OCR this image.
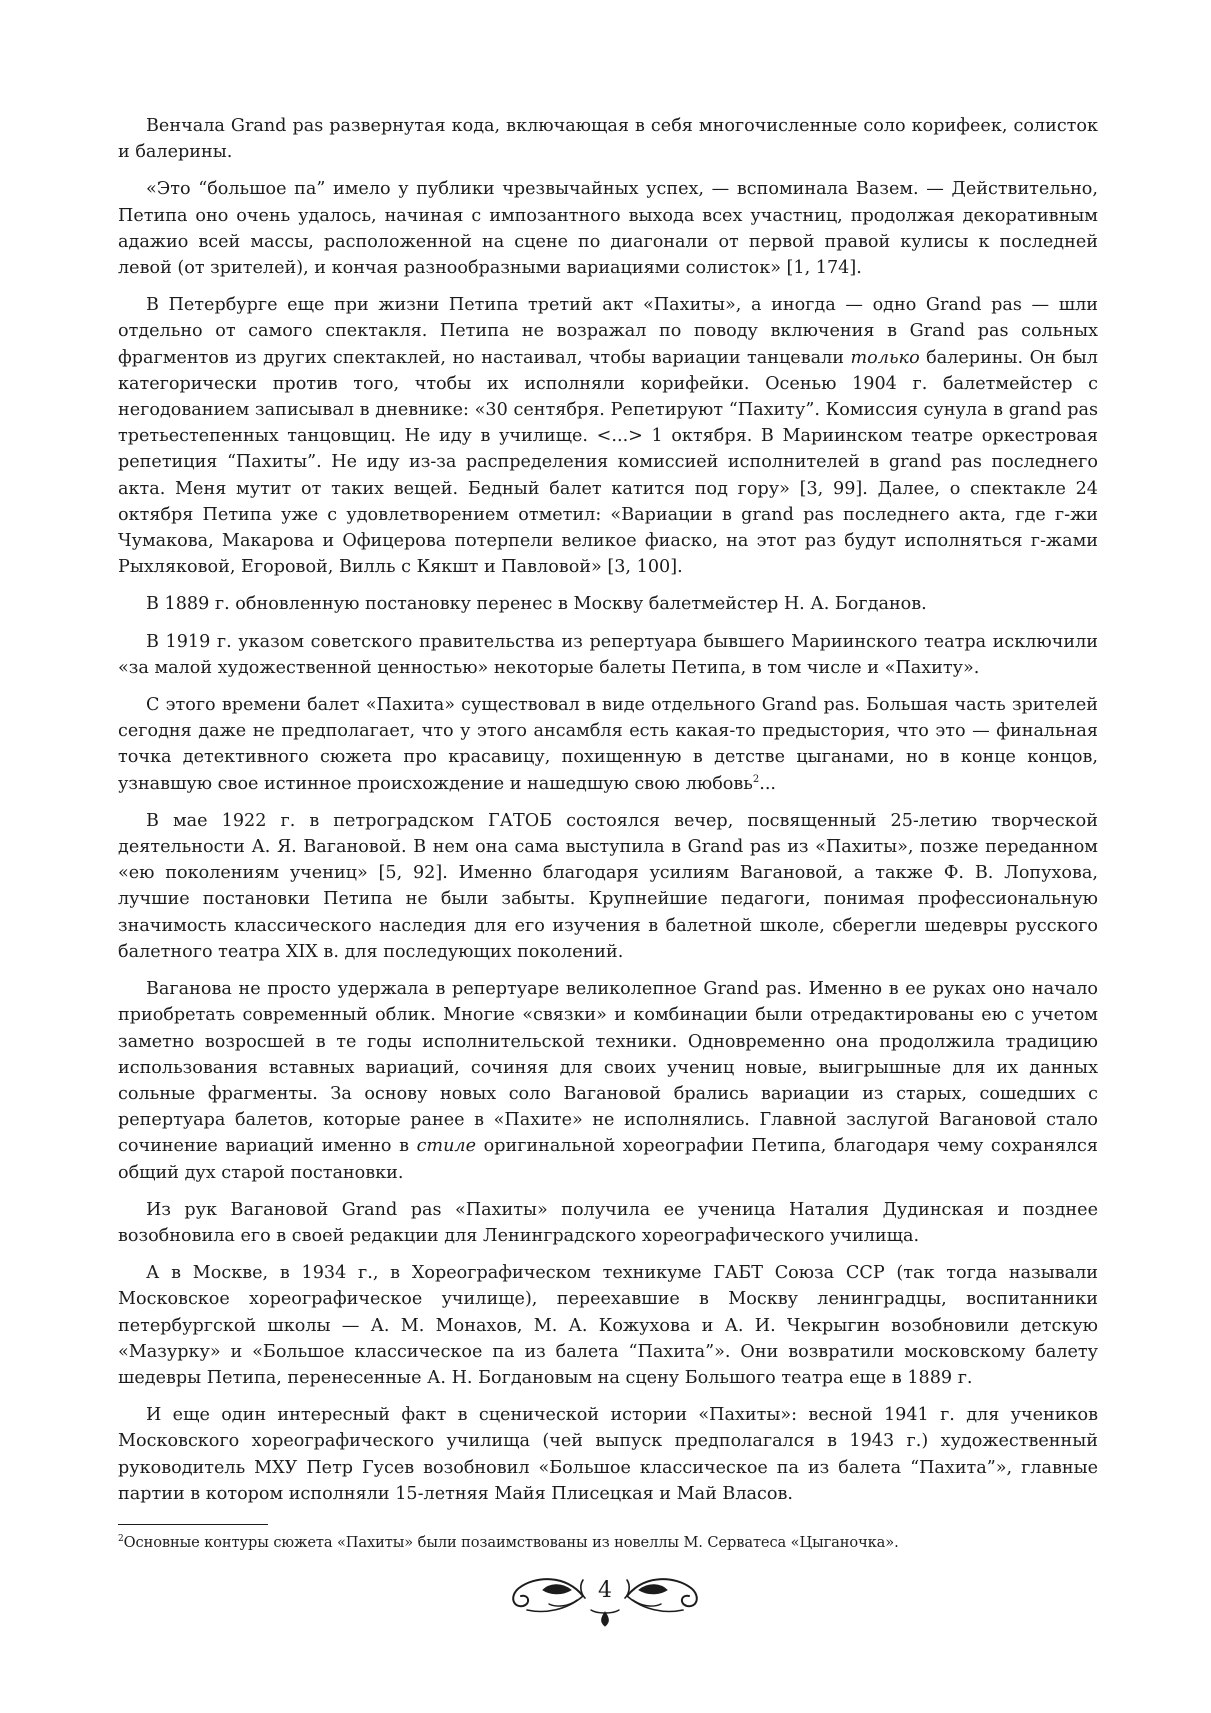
Венчала Grand pas развернутая кода, включающая в себя многочисленные соло корифеек, солисток и балерины.

«Это “большое па” имело у публики чрезвычайных успех, — вспоминала Вазем. — Действительно, Петипа оно очень удалось, начиная с импозантного выхода всех участниц, продолжая декоративным адажио всей массы, расположенной на сцене по диагонали от первой правой кулисы к последней левой (от зрителей), и кончая разнообразными вариациями солисток» [1, 174].

В Петербурге еще при жизни Петипа третий акт «Пахиты», а иногда — одно Grand pas — шли отдельно от самого спектакля. Петипа не возражал по поводу включения в Grand pas сольных фрагментов из других спектаклей, но настаивал, чтобы вариации танцевали только балерины. Он был категорически против того, чтобы их исполняли корифейки. Осенью 1904 г. балетмейстер с негодованием записывал в дневнике: «30 сентября. Репетируют “Пахиту”. Комиссия сунула в grand pas третьестепенных танцовщиц. Не иду в училище. <...> 1 октября. В Мариинском театре оркестровая репетиция “Пахиты”. Не иду из-за распределения комиссией исполнителей в grand pas последнего акта. Меня мутит от таких вещей. Бедный балет катится под гору» [3, 99]. Далее, о спектакле 24 октября Петипа уже с удовлетворением отметил: «Вариации в grand pas последнего акта, где г-жи Чумакова, Макарова и Офицерова потерпели великое фиаско, на этот раз будут исполняться г-жами Рыхляковой, Егоровой, Вилль с Кякшт и Павловой» [3, 100].

В 1889 г. обновленную постановку перенес в Москву балетмейстер Н. А. Богданов.

В 1919 г. указом советского правительства из репертуара бывшего Мариинского театра исключили «за малой художественной ценностью» некоторые балеты Петипа, в том числе и «Пахиту».

С этого времени балет «Пахита» существовал в виде отдельного Grand pas. Большая часть зрителей сегодня даже не предполагает, что у этого ансамбля есть какая-то предыстория, что это — финальная точка детективного сюжета про красавицу, похищенную в детстве цыганами, но в конце концов, узнавшую свое истинное происхождение и нашедшую свою любовь$^2$...

В мае 1922 г. в петроградском ГАТОБ состоялся вечер, посвященный 25-летию творческой деятельности А. Я. Вагановой. В нем она сама выступила в Grand pas из «Пахиты», позже переданном «ею поколениям учениц» [5, 92]. Именно благодаря усилиям Вагановой, а также Ф. В. Лопухова, лучшие постановки Петипа не были забыты. Крупнейшие педагоги, понимая профессиональную значимость классического наследия для его изучения в балетной школе, сберегли шедевры русского балетного театра XIX в. для последующих поколений.

Ваганова не просто удержала в репертуаре великолепное Grand pas. Именно в ее руках оно начало приобретать современный облик. Многие «связки» и комбинации были отредактированы ею с учетом заметно возросшей в те годы исполнительской техники. Одновременно она продолжила традицию использования вставных вариаций, сочиняя для своих учениц новые, выигрышные для их данных сольные фрагменты. За основу новых соло Вагановой брались вариации из старых, сошедших с репертуара балетов, которые ранее в «Пахите» не исполнялись. Главной заслугой Вагановой стало сочинение вариаций именно в стиле оригинальной хореографии Петипа, благодаря чему сохранялся общий дух старой постановки.

Из рук Вагановой Grand pas «Пахиты» получила ее ученица Наталия Дудинская и позднее возобновила его в своей редакции для Ленинградского хореографического училища.

А в Москве, в 1934 г., в Хореографическом техникуме ГАБТ Союза ССР (так тогда называли Московское хореографическое училище), переехавшие в Москву ленинградцы, воспитанники петербургской школы — А. М. Монахов, М. А. Кожухова и А. И. Чекрыгин возобновили детскую «Мазурку» и «Большое классическое па из балета “Пахита”». Они возвратили московскому балету шедевры Петипа, перенесенные А. Н. Богдановым на сцену Большого театра еще в 1889 г.

И еще один интересный факт в сценической истории «Пахиты»: весной 1941 г. для учеников Московского хореографического училища (чей выпуск предполагался в 1943 г.) художественный руководитель МХУ Петр Гусев возобновил «Большое классическое па из балета “Пахита”», главные партии в котором исполняли 15-летняя Майя Плисецкая и Май Власов.

$^2$Основные контуры сюжета «Пахиты» были позаимствованы из новеллы М. Серватеса «Цыганочка».
4
